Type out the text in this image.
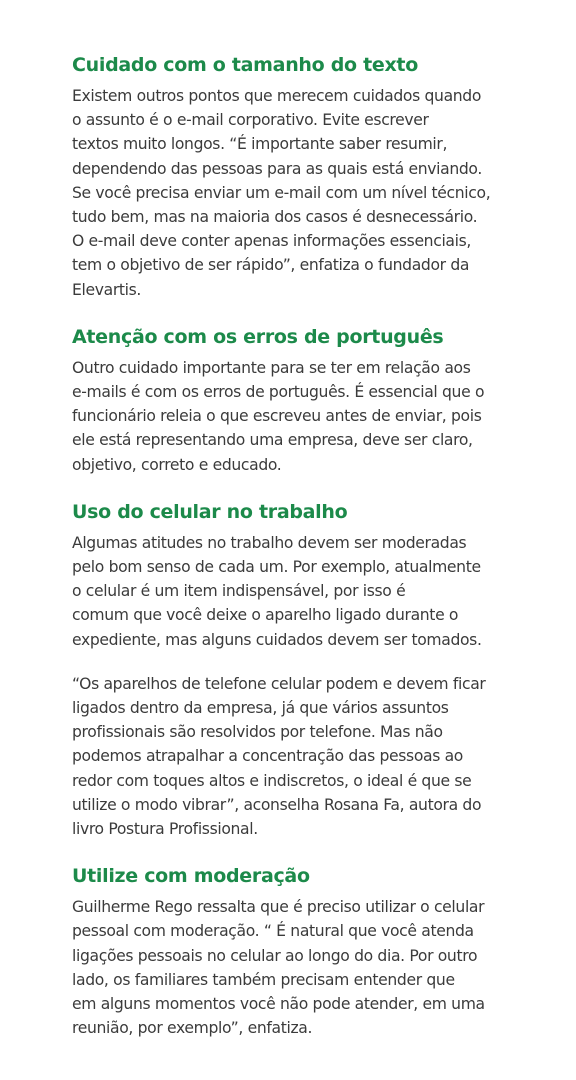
Cuidado com o tamanho do texto

Existem outros pontos que merecem cuidados quando
o assunto é o e-mail corporativo. Evite escrever
textos muito longos. “É importante saber resumir,
dependendo das pessoas para as quais está enviando.
Se você precisa enviar um e-mail com um nível técnico,
tudo bem, mas na maioria dos casos é desnecessário.
O e-mail deve conter apenas informações essenciais,
tem o objetivo de ser rápido”, enfatiza o fundador da
Elevartis.

Atenção com os erros de português

Outro cuidado importante para se ter em relação aos
e-mails é com os erros de português. É essencial que o
funcionário releia o que escreveu antes de enviar, pois
ele está representando uma empresa, deve ser claro,
objetivo, correto e educado.

Uso do celular no trabalho

Algumas atitudes no trabalho devem ser moderadas
pelo bom senso de cada um. Por exemplo, atualmente
o celular é um item indispensável, por isso é
comum que você deixe o aparelho ligado durante o
expediente, mas alguns cuidados devem ser tomados.

“Os aparelhos de telefone celular podem e devem ficar
ligados dentro da empresa, já que vários assuntos
profissionais são resolvidos por telefone. Mas não
podemos atrapalhar a concentração das pessoas ao
redor com toques altos e indiscretos, o ideal é que se
utilize o modo vibrar”, aconselha Rosana Fa, autora do
livro Postura Profissional.

Utilize com moderação

Guilherme Rego ressalta que é preciso utilizar o celular
pessoal com moderação. “ É natural que você atenda
ligações pessoais no celular ao longo do dia. Por outro
lado, os familiares também precisam entender que
em alguns momentos você não pode atender, em uma
reunião, por exemplo”, enfatiza.
